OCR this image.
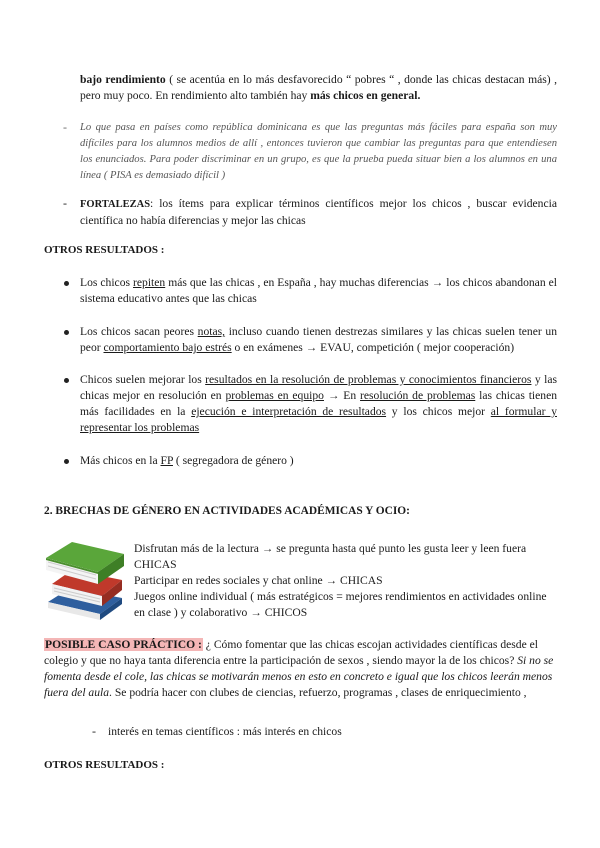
bajo rendimiento ( se acentúa en lo más desfavorecido “ pobres “ , donde las chicas destacan más) , pero muy poco. En rendimiento alto también hay más chicos en general.
- Lo que pasa en países como república dominicana es que las preguntas más fáciles para españa son muy difíciles para los alumnos medios de allí , entonces tuvieron que cambiar las preguntas para que entendiesen los enunciados. Para poder discriminar en un grupo, es que la prueba pueda situar bien a los alumnos en una línea ( PISA es demasiado difícil )
- FORTALEZAS: los ítems para explicar términos científicos mejor los chicos , buscar evidencia científica no había diferencias y mejor las chicas
OTROS RESULTADOS :
Los chicos repiten más que las chicas , en España , hay muchas diferencias → los chicos abandonan el sistema educativo antes que las chicas
Los chicos sacan peores notas, incluso cuando tienen destrezas similares y las chicas suelen tener un peor comportamiento bajo estrés o en exámenes → EVAU, competición ( mejor cooperación)
Chicos suelen mejorar los resultados en la resolución de problemas y conocimientos financieros y las chicas mejor en resolución en problemas en equipo → En resolución de problemas las chicas tienen más facilidades en la ejecución e interpretación de resultados y los chicos mejor al formular y representar los problemas
Más chicos en la FP ( segregadora de género )
2. BRECHAS DE GÉNERO EN ACTIVIDADES ACADÉMICAS Y OCIO:
Disfrutan más de la lectura → se pregunta hasta qué punto les gusta leer y leen fuera CHICAS
Participar en redes sociales y chat online → CHICAS
Juegos online individual ( más estratégicos = mejores rendimientos en actividades online en clase ) y colaborativo → CHICOS
POSIBLE CASO PRÁCTICO : ¿ Cómo fomentar que las chicas escojan actividades científicas desde el colegio y que no haya tanta diferencia entre la participación de sexos , siendo mayor la de los chicos? Si no se fomenta desde el cole, las chicas se motivarán menos en esto en concreto e igual que los chicos leerán menos fuera del aula. Se podría hacer con clubes de ciencias, refuerzo, programas , clases de enriquecimiento ,
- interés en temas científicos : más interés en chicos
OTROS RESULTADOS :
